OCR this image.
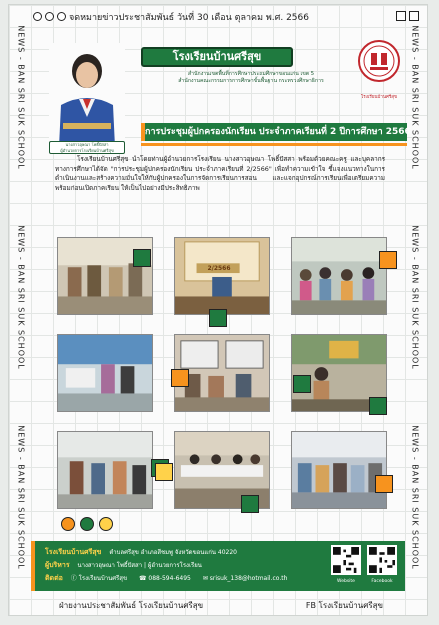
จดหมายข่าวประชาสัมพันธ์ วันที่ 30 เดือน ตุลาคม พ.ศ. 2566
NEWS - BAN SRI SUK SCHOOL
NEWS - BAN SRI SUK SCHOOL
NEWS - BAN SRI SUK SCHOOL
NEWS - BAN SRI SUK SCHOOL
NEWS - BAN SRI SUK SCHOOL
NEWS - BAN SRI SUK SCHOOL
นางสาวอุษณา โพธิ์ปัสสา
ผู้อำนวยการโรงเรียนบ้านศรีสุข
โรงเรียนบ้านศรีสุข
สำนักงานเขตพื้นที่การศึกษาประถมศึกษาขอนแก่น เขต 5
สำนักงานคณะกรรมการการศึกษาขั้นพื้นฐาน กระทรวงศึกษาธิการ
โรงเรียนบ้านศรีสุข
การประชุมผู้ปกครองนักเรียน ประจำภาคเรียนที่ 2 ปีการศึกษา 2566

โรงเรียนบ้านศรีสุข นำโดยท่านผู้อำนวยการโรงเรียน นางสาวอุษณา โพธิ์ปัสสา พร้อมด้วยคณะครู และบุคลากรทางการศึกษาได้จัด "การประชุมผู้ปกครองนักเรียน ประจำภาคเรียนที่ 2/2566" เพื่อทำความเข้าใจ ชี้แจงแนวทางในการดำเนินงานและสร้างความมั่นใจให้กับผู้ปกครองในการจัดการเรียนการสอน และแจกอุปกรณ์การเรียนเพื่อเตรียมความพร้อมก่อนเปิดภาคเรียน ให้เป็นไปอย่างมีประสิทธิภาพ

2/2566
โรงเรียนบ้านศรีสุข ตำบลศรีสุข อำเภอสีชมพู จังหวัดขอนแก่น 40220
ผู้บริหาร นางสาวอุษณา โพธิ์ปัสสา | ผู้อำนวยการโรงเรียน
ติดต่อ ⓕ โรงเรียนบ้านศรีสุข ☎ 088-594-6495 ✉ srisuk_138@hotmail.co.th	Website	Facebook
ฝ่ายงานประชาสัมพันธ์ โรงเรียนบ้านศรีสุข	FB โรงเรียนบ้านศรีสุข
